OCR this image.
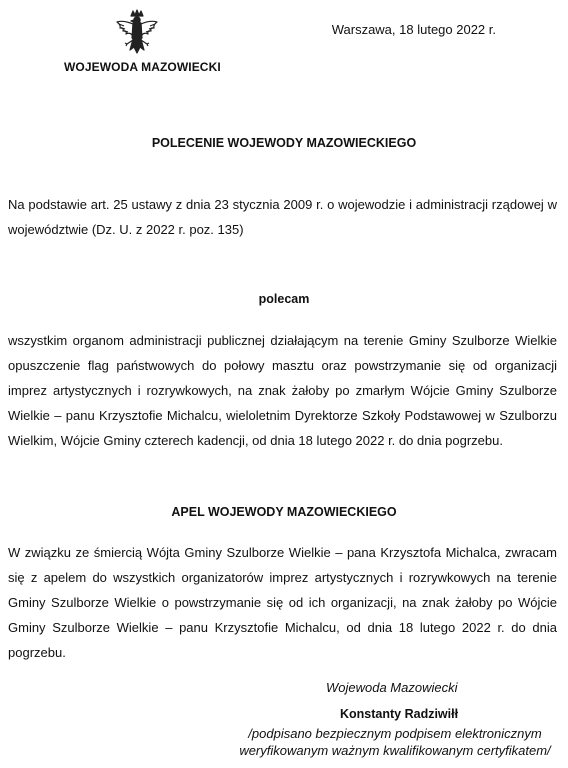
WOJEWODA MAZOWIECKI
Warszawa, 18 lutego 2022 r.
POLECENIE WOJEWODY MAZOWIECKIEGO

Na podstawie art. 25 ustawy z dnia 23 stycznia 2009 r. o wojewodzie i administracji rządowej w województwie (Dz. U. z 2022 r. poz. 135)

polecam

wszystkim organom administracji publicznej działającym na terenie Gminy Szulborze Wielkie opuszczenie flag państwowych do połowy masztu oraz powstrzymanie się od organizacji imprez artystycznych i rozrywkowych, na znak żałoby po zmarłym Wójcie Gminy Szulborze Wielkie – panu Krzysztofie Michalcu, wieloletnim Dyrektorze Szkoły Podstawowej w Szulborzu Wielkim, Wójcie Gminy czterech kadencji, od dnia 18 lutego 2022 r. do dnia pogrzebu.

APEL WOJEWODY MAZOWIECKIEGO

W związku ze śmiercią Wójta Gminy Szulborze Wielkie – pana Krzysztofa Michalca, zwracam się z apelem do wszystkich organizatorów imprez artystycznych i rozrywkowych na terenie Gminy Szulborze Wielkie o powstrzymanie się od ich organizacji, na znak żałoby po Wójcie Gminy Szulborze Wielkie – panu Krzysztofie Michalcu, od dnia 18 lutego 2022 r. do dnia pogrzebu.

Wojewoda Mazowiecki
Konstanty Radziwiłł
/podpisano bezpiecznym podpisem elektronicznym
weryfikowanym ważnym kwalifikowanym certyfikatem/
